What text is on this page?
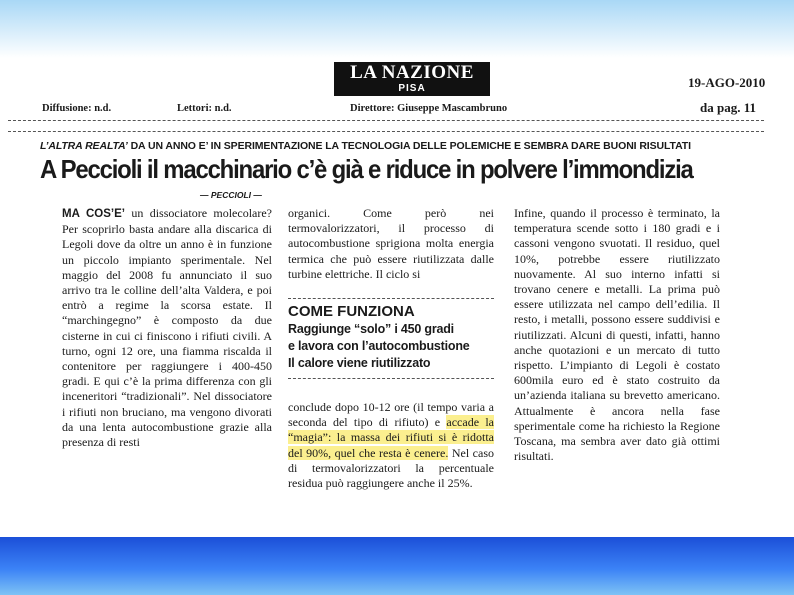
LA NAZIONE
PISA	19-AGO-2010
Diffusione: n.d.	Lettori: n.d.	Direttore: Giuseppe Mascambruno	da pag. 11
L’ALTRA REALTA’ DA UN ANNO E’ IN SPERIMENTAZIONE LA TECNOLOGIA DELLE POLEMICHE E SEMBRA DARE BUONI RISULTATI
A Peccioli il macchinario c’è già e riduce in polvere l’immondizia
— PECCIOLI —

MA COS’E’ un dissociatore molecolare? Per scoprirlo basta andare alla discarica di Legoli dove da oltre un anno è in funzione un piccolo impianto sperimentale. Nel maggio del 2008 fu annunciato il suo arrivo tra le colline dell’alta Valdera, e poi entrò a regime la scorsa estate. Il “marchingegno” è composto da due cisterne in cui ci finiscono i rifiuti civili. A turno, ogni 12 ore, una fiamma riscalda il contenitore per raggiungere i 400-450 gradi. E qui c’è la prima differenza con gli inceneritori “tradizionali”. Nel dissociatore i rifiuti non bruciano, ma vengono divorati da una lenta autocombustione grazie alla presenza di resti

organici. Come però nei termovalorizzatori, il processo di autocombustione sprigiona molta energia termica che può essere riutilizzata dalle turbine elettriche. Il ciclo si

COME FUNZIONA
Raggiunge “solo” i 450 gradi
e lavora con l’autocombustione
Il calore viene riutilizzato

conclude dopo 10-12 ore (il tempo varia a seconda del tipo di rifiuto) e accade la “magia”: la massa dei rifiuti si è ridotta del 90%, quel che resta è cenere. Nel caso di termovalorizzatori la percentuale residua può raggiungere anche il 25%.

Infine, quando il processo è terminato, la temperatura scende sotto i 180 gradi e i cassoni vengono svuotati. Il residuo, quel 10%, potrebbe essere riutilizzato nuovamente. Al suo interno infatti si trovano cenere e metalli. La prima può essere utilizzata nel campo dell’edilia. Il resto, i metalli, possono essere suddivisi e riutilizzati. Alcuni di questi, infatti, hanno anche quotazioni e un mercato di tutto rispetto. L’impianto di Legoli è costato 600mila euro ed è stato costruito da un’azienda italiana su brevetto americano. Attualmente è ancora nella fase sperimentale come ha richiesto la Regione Toscana, ma sembra aver dato già ottimi risultati.
